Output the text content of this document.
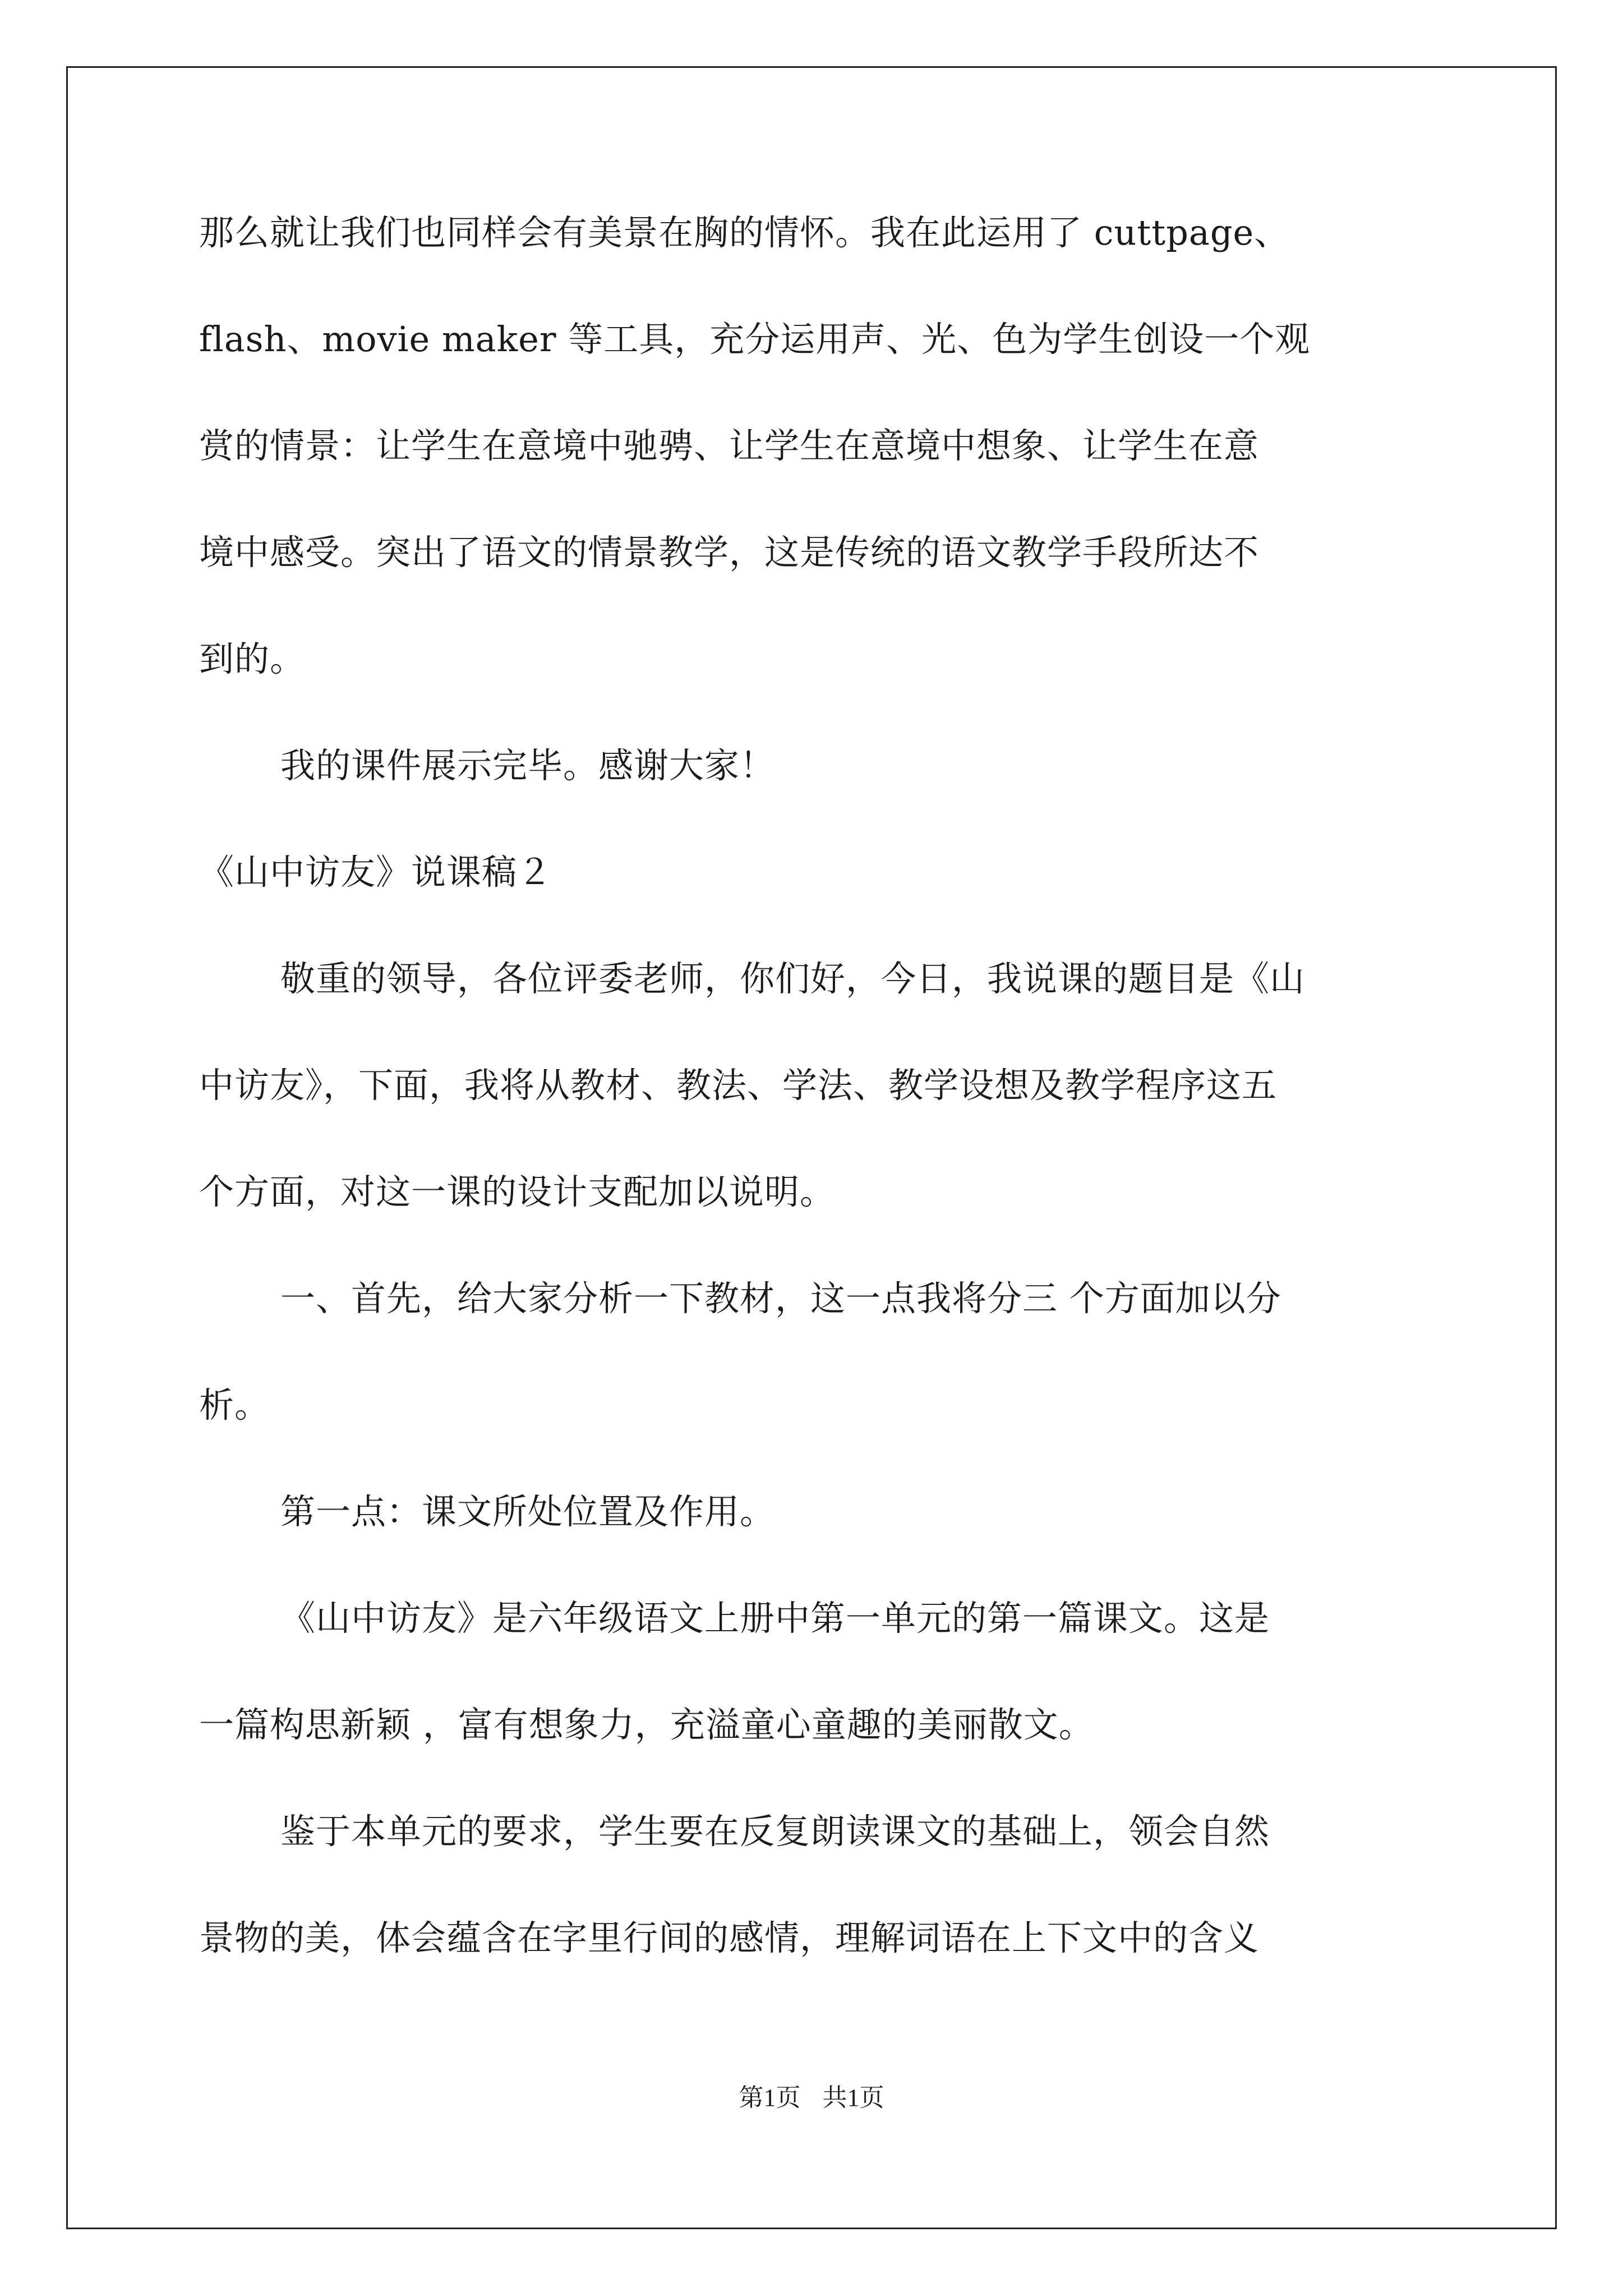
那么就让我们也同样会有美景在胸的情怀。我在此运用了 cuttpage、
flash、movie maker 等工具，充分运用声、光、色为学生创设一个观
赏的情景：让学生在意境中驰骋、让学生在意境中想象、让学生在意
境中感受。突出了语文的情景教学，这是传统的语文教学手段所达不
到的。
我的课件展示完毕。感谢大家！
《山中访友》说课稿２
敬重的领导，各位评委老师，你们好，今日，我说课的题目是《山
中访友》，下面，我将从教材、教法、学法、教学设想及教学程序这五
个方面，对这一课的设计支配加以说明。
一、首先，给大家分析一下教材，这一点我将分三 个方面加以分
析。
第一点：课文所处位置及作用。
《山中访友》是六年级语文上册中第一单元的第一篇课文。这是
一篇构思新颖 ，富有想象力，充溢童心童趣的美丽散文。
鉴于本单元的要求，学生要在反复朗读课文的基础上，领会自然
景物的美，体会蕴含在字里行间的感情，理解词语在上下文中的含义
第1页 共1页
